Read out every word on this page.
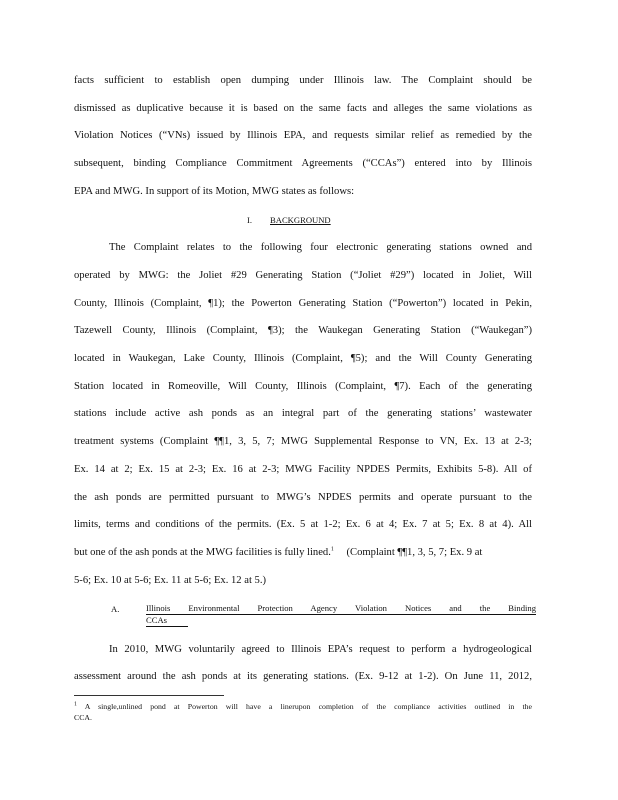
facts sufficient to establish open dumping under Illinois law. The Complaint should be
dismissed as duplicative because it is based on the same facts and alleges the same violations as
Violation Notices (“VNs) issued by Illinois EPA, and requests similar relief as remedied by the
subsequent, binding Compliance Commitment Agreements (“CCAs”) entered into by Illinois
EPA and MWG. In support of its Motion, MWG states as follows:
I. BACKGROUND
The Complaint relates to the following four electronic generating stations owned and
operated by MWG: the Joliet #29 Generating Station (“Joliet #29”) located in Joliet, Will
County, Illinois (Complaint, ¶1); the Powerton Generating Station (“Powerton”) located in Pekin,
Tazewell County, Illinois (Complaint, ¶3); the Waukegan Generating Station (“Waukegan”)
located in Waukegan, Lake County, Illinois (Complaint, ¶5); and the Will County Generating
Station located in Romeoville, Will County, Illinois (Complaint, ¶7). Each of the generating
stations include active ash ponds as an integral part of the generating stations’ wastewater
treatment systems (Complaint ¶¶1, 3, 5, 7; MWG Supplemental Response to VN, Ex. 13 at 2-3;
Ex. 14 at 2; Ex. 15 at 2-3; Ex. 16 at 2-3; MWG Facility NPDES Permits, Exhibits 5-8). All of
the ash ponds are permitted pursuant to MWG’s NPDES permits and operate pursuant to the
limits, terms and conditions of the permits. (Ex. 5 at 1-2; Ex. 6 at 4; Ex. 7 at 5; Ex. 8 at 4). All
but one of the ash ponds at the MWG facilities is fully lined.$^1$ (Complaint ¶¶1, 3, 5, 7; Ex. 9 at
5-6; Ex. 10 at 5-6; Ex. 11 at 5-6; Ex. 12 at 5.)
A.	Illinois Environmental Protection Agency Violation Notices and the Binding
CCAs
In 2010, MWG voluntarily agreed to Illinois EPA’s request to perform a hydrogeological
assessment around the ash ponds at its generating stations. (Ex. 9-12 at 1-2). On June 11, 2012,
$^1$ A single,unlined pond at Powerton will have a linerupon completion of the compliance activities outlined in the
CCA.
